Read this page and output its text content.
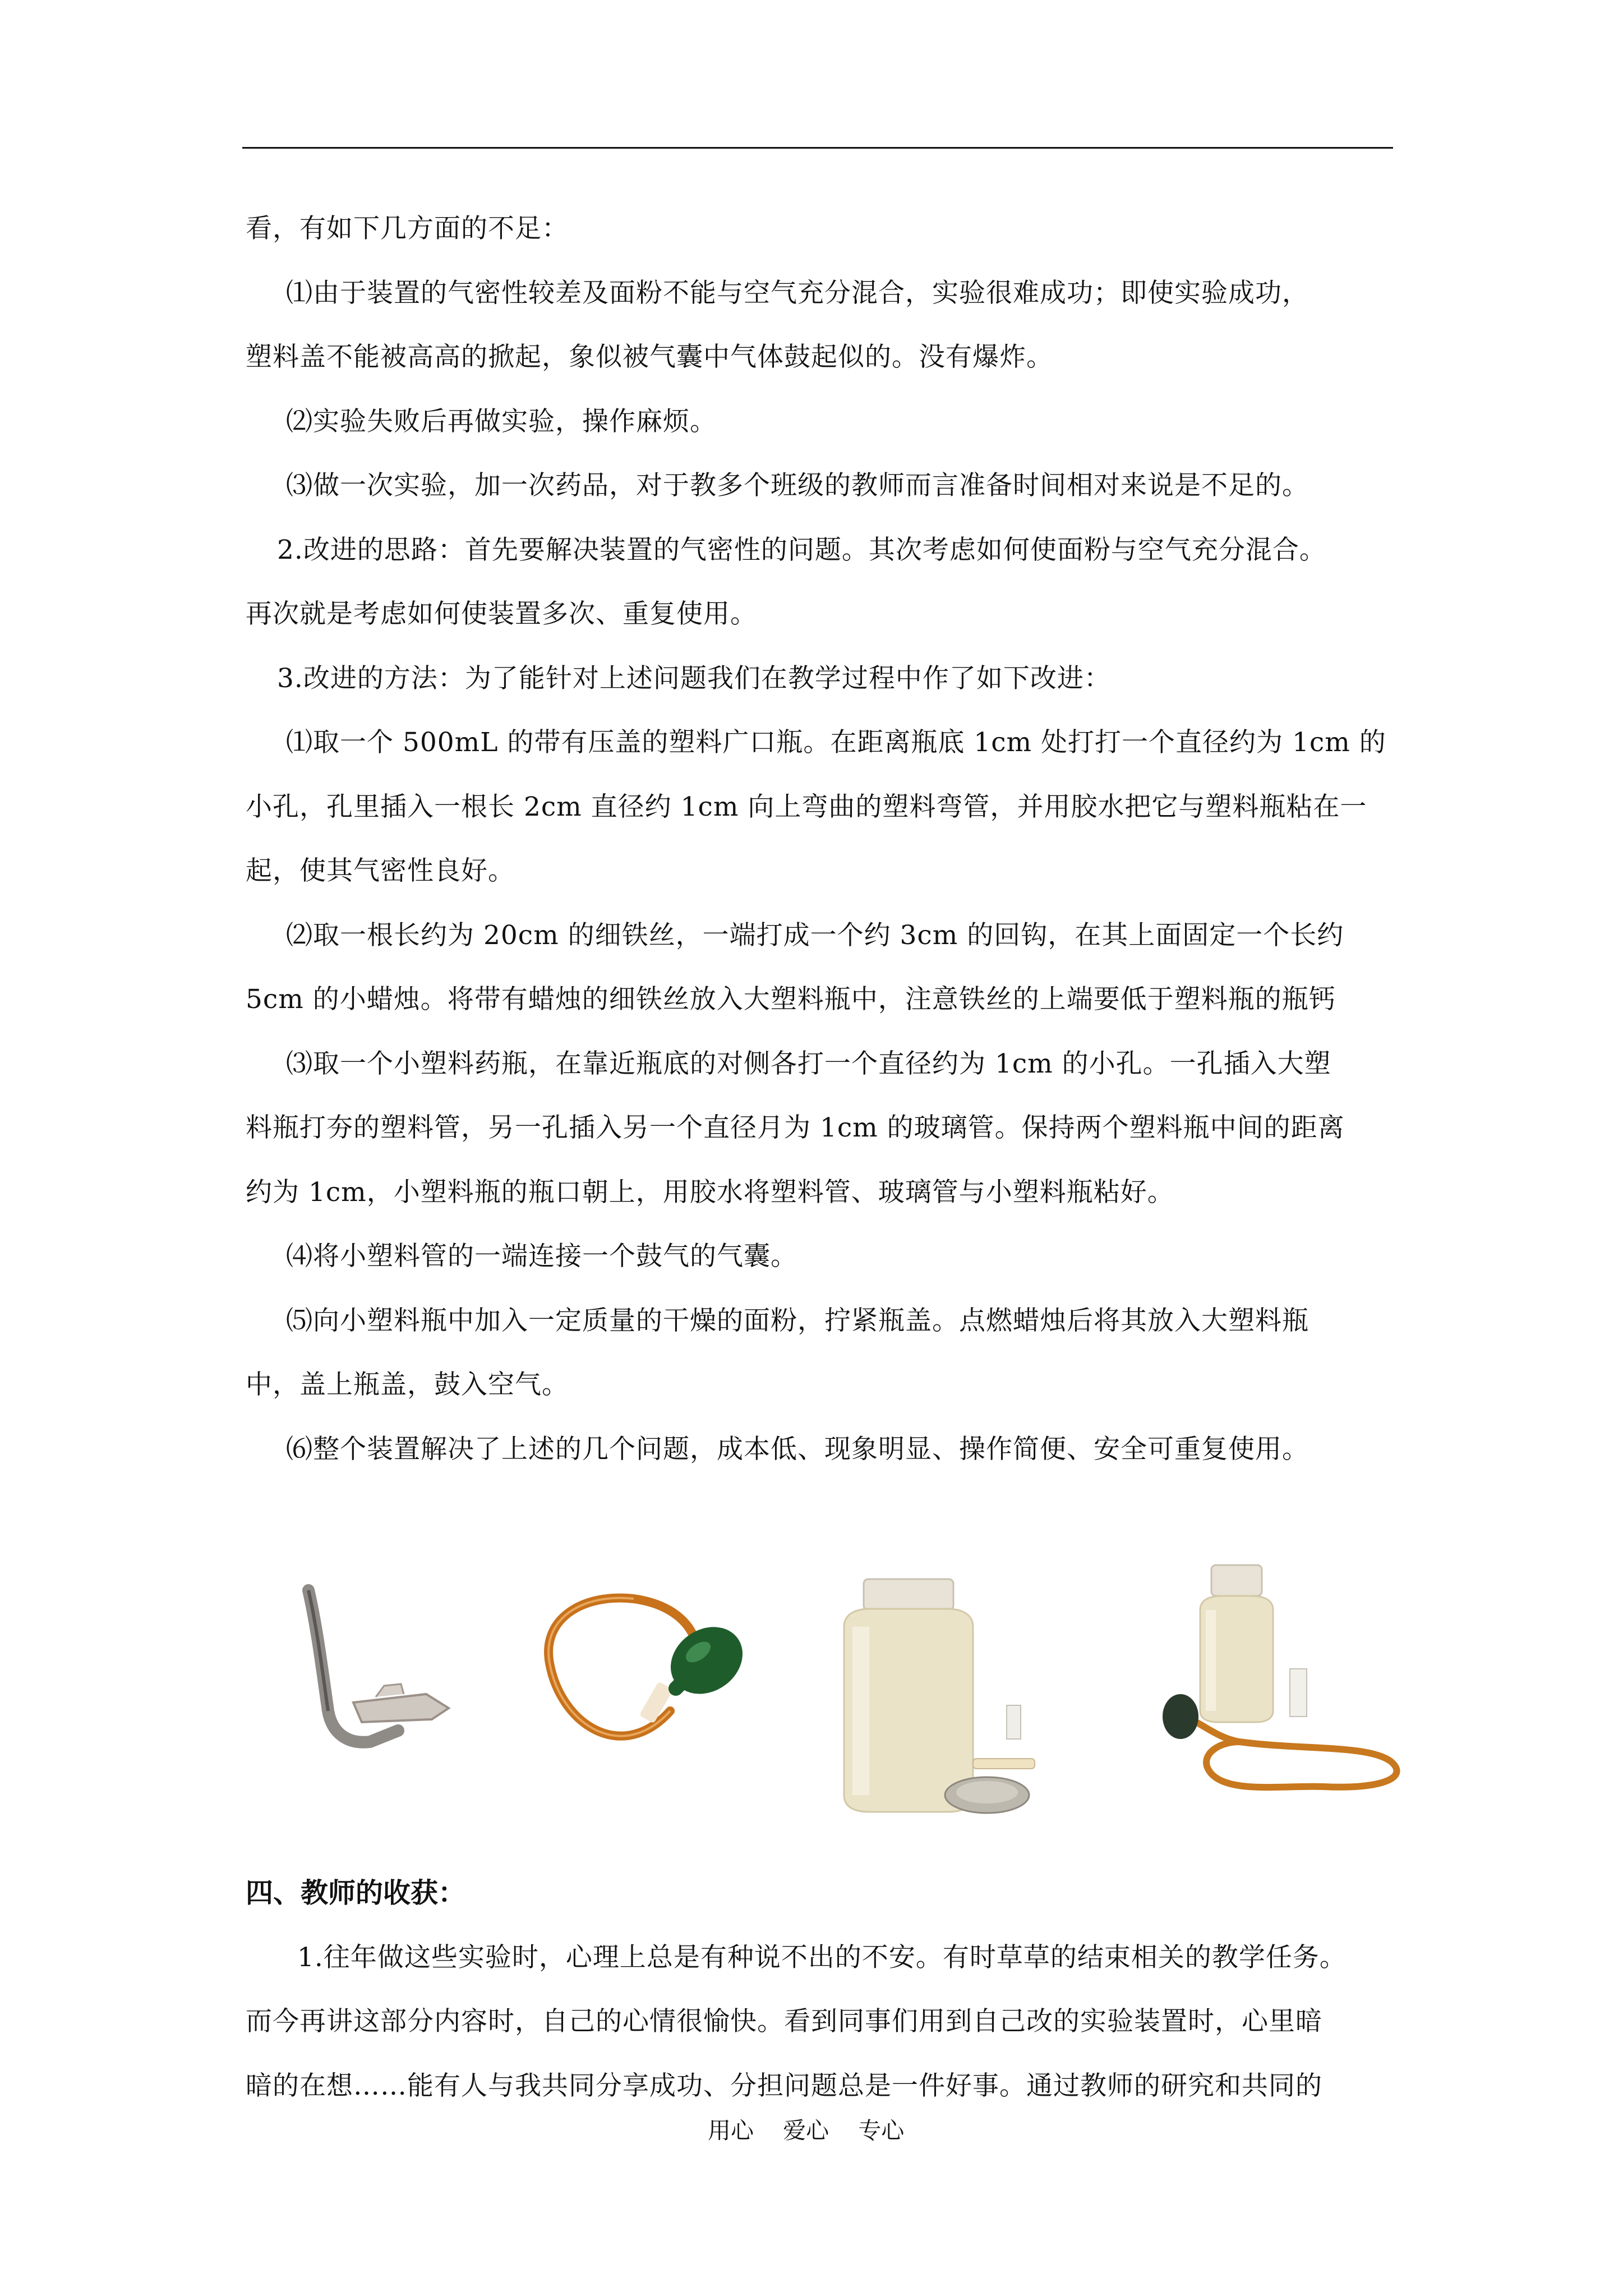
看，有如下几方面的不足：
⑴由于装置的气密性较差及面粉不能与空气充分混合，实验很难成功；即使实验成功，
塑料盖不能被高高的掀起，象似被气囊中气体鼓起似的。没有爆炸。
⑵实验失败后再做实验，操作麻烦。
⑶做一次实验，加一次药品，对于教多个班级的教师而言准备时间相对来说是不足的。
2.改进的思路：首先要解决装置的气密性的问题。其次考虑如何使面粉与空气充分混合。
再次就是考虑如何使装置多次、重复使用。
3.改进的方法：为了能针对上述问题我们在教学过程中作了如下改进：
⑴取一个 500mL 的带有压盖的塑料广口瓶。在距离瓶底 1cm 处打打一个直径约为 1cm 的
小孔，孔里插入一根长 2cm 直径约 1cm 向上弯曲的塑料弯管，并用胶水把它与塑料瓶粘在一
起，使其气密性良好。
⑵取一根长约为 20cm 的细铁丝，一端打成一个约 3cm 的回钩，在其上面固定一个长约
5cm 的小蜡烛。将带有蜡烛的细铁丝放入大塑料瓶中，注意铁丝的上端要低于塑料瓶的瓶钙
⑶取一个小塑料药瓶，在靠近瓶底的对侧各打一个直径约为 1cm 的小孔。一孔插入大塑
料瓶打夯的塑料管，另一孔插入另一个直径月为 1cm 的玻璃管。保持两个塑料瓶中间的距离
约为 1cm，小塑料瓶的瓶口朝上，用胶水将塑料管、玻璃管与小塑料瓶粘好。
⑷将小塑料管的一端连接一个鼓气的气囊。
⑸向小塑料瓶中加入一定质量的干燥的面粉，拧紧瓶盖。点燃蜡烛后将其放入大塑料瓶
中，盖上瓶盖，鼓入空气。
⑹整个装置解决了上述的几个问题，成本低、现象明显、操作简便、安全可重复使用。
四、教师的收获：
1.往年做这些实验时，心理上总是有种说不出的不安。有时草草的结束相关的教学任务。
而今再讲这部分内容时，自己的心情很愉快。看到同事们用到自己改的实验装置时，心里暗
暗的在想……能有人与我共同分享成功、分担问题总是一件好事。通过教师的研究和共同的
用心    爱心    专心
